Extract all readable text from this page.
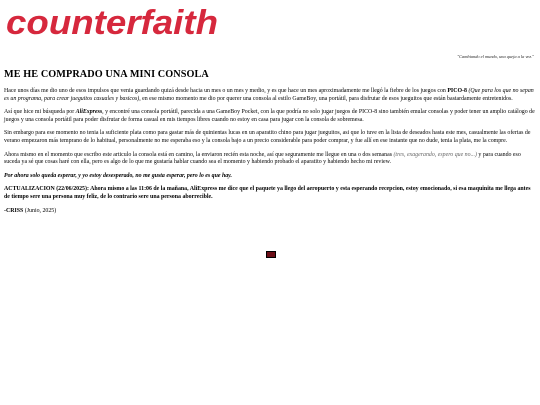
counterfaith
"Cambiando el mundo, una queja a la vez."
ME HE COMPRADO UNA MINI CONSOLA

Hace unos días me dio uno de esos impulsos que venia guardando quizá desde hacia un mes o un mes y medio, y es que hace un mes aproximadamente me llegó la fiebre de los juegos con PICO-8 (Que para los que no sepan es un programa, para crear jueguitos casuales y basicos), en ese mismo momento me dio por querer una consola al estilo GameBoy, una portátil, para disfrutar de esos jueguitos que están bastardamente entretenidos.

Así que hice mi búsqueda por AliExpress, y encontré una consola portátil, parecida a una GameBoy Pocket, con la que podría no solo jugar juegos de PICO-8 sino también emular consolas y poder tener un amplio catálogo de juegos y una consola portátil para poder disfrutar de forma casual en mis tiempos libres cuando no estoy en casa para jugar con la consola de sobremesa.

Sin embargo para ese momento no tenia la suficiente plata como para gastar más de quinientas lucas en un aparatito chino para jugar jueguitos, asi que lo tuve en la lista de deseados hasta este mes, casualmente las ofertas de verano empezaron más temprano de lo habitual, personalmente no me esperaba eso y la consola bajo a un precio considerable para poder comprar, y fue allí en ese instante que no dude, tenia la plata, me la compre.

Ahora mismo en el momento que escribo este articulo la consola está en camino, la enviaron recién esta noche, así que seguramente me llegue en una o dos semanas (tres, exagerando, espero que no...) y para cuando eso suceda ya sé que cosas haré con ella, pero es algo de lo que me gustaría hablar cuando sea el momento y habiendo probado el aparatito y habiendo hecho mi review.

Por ahora solo queda esperar, y yo estoy desesperado, no me gusta esperar, pero lo es que hay.

ACTUALIZACION (22/06/2025): Ahora mismo a las 11:06 de la mañana, AliExpress me dice que el paquete ya llego del aeropuerto y esta esperando recepcion, estoy emocionado, si esa maquinita me llega antes de tiempo sere una persona muy feliz, de lo contrario sere una persona aborrecible.

-CRISS (Junio, 2025)
